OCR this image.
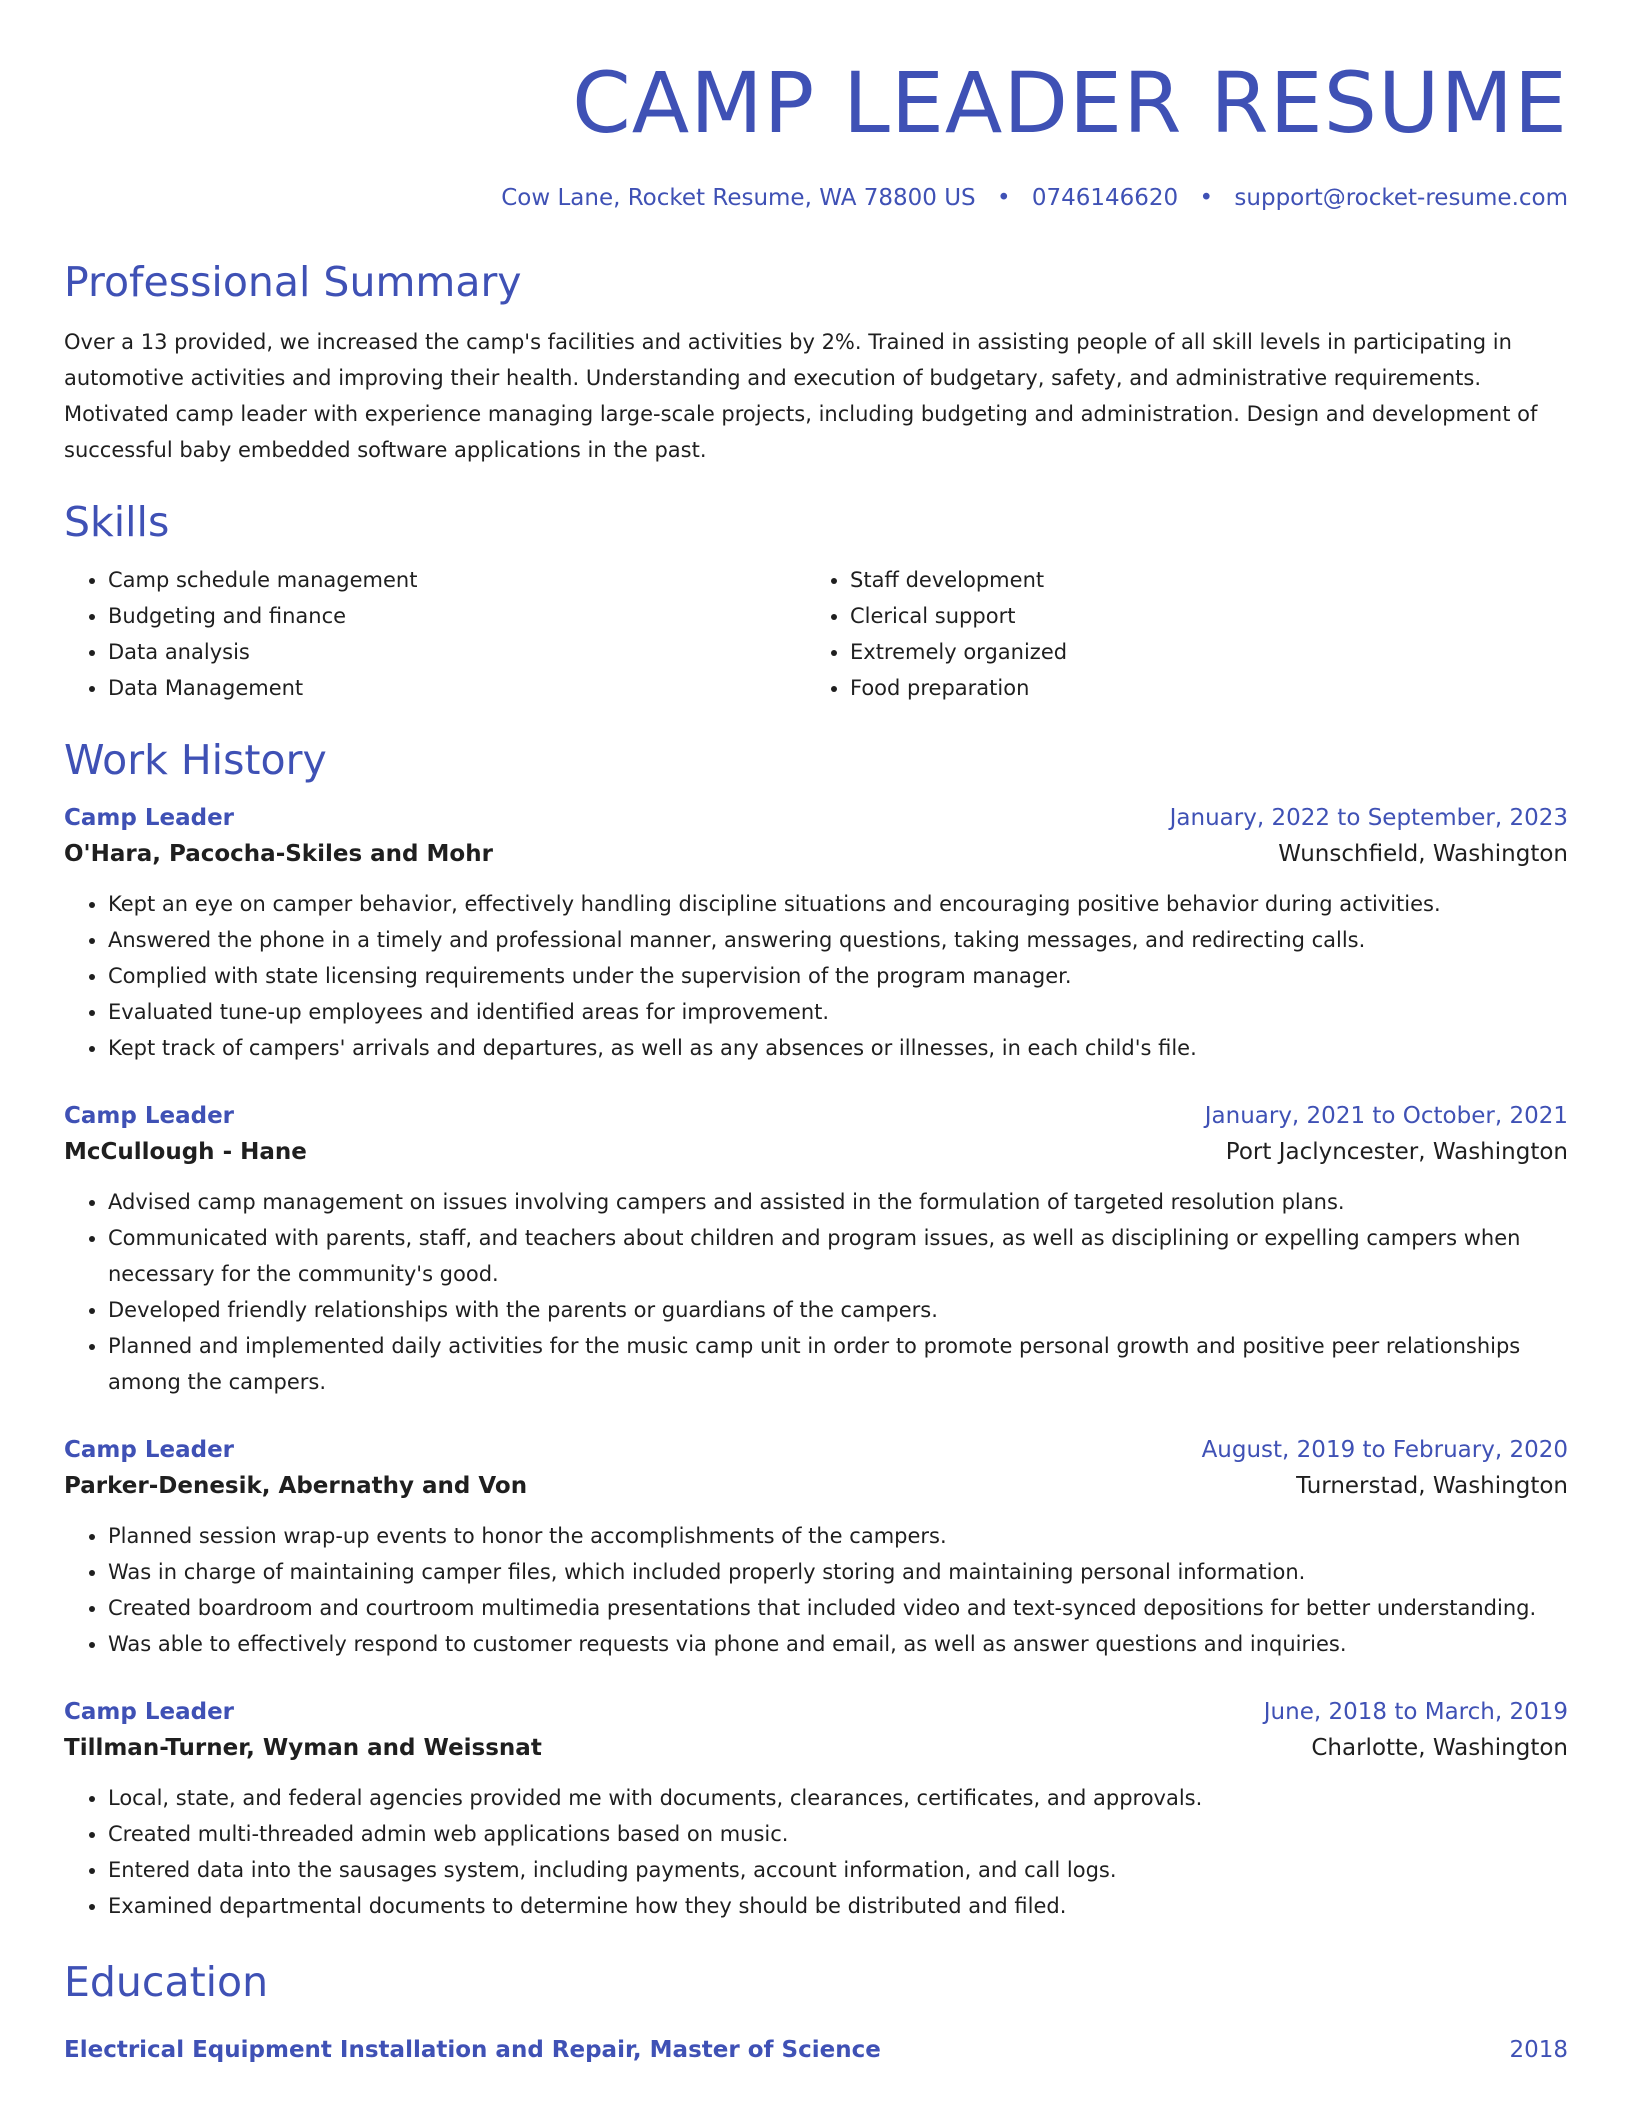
CAMP LEADER RESUME
Cow Lane, Rocket Resume, WA 78800 US • 0746146620 • support@rocket-resume.com
Professional Summary
Over a 13 provided, we increased the camp's facilities and activities by 2%. Trained in assisting people of all skill levels in participating in automotive activities and improving their health. Understanding and execution of budgetary, safety, and administrative requirements. Motivated camp leader with experience managing large-scale projects, including budgeting and administration. Design and development of successful baby embedded software applications in the past.
Skills
• Camp schedule management
• Budgeting and finance
• Data analysis
• Data Management
• Staff development
• Clerical support
• Extremely organized
• Food preparation
Work History
Camp Leader	January, 2022 to September, 2023
O'Hara, Pacocha-Skiles and Mohr	Wunschfield, Washington
• Kept an eye on camper behavior, effectively handling discipline situations and encouraging positive behavior during activities.
• Answered the phone in a timely and professional manner, answering questions, taking messages, and redirecting calls.
• Complied with state licensing requirements under the supervision of the program manager.
• Evaluated tune-up employees and identified areas for improvement.
• Kept track of campers' arrivals and departures, as well as any absences or illnesses, in each child's file.
Camp Leader	January, 2021 to October, 2021
McCullough - Hane	Port Jaclyncester, Washington
• Advised camp management on issues involving campers and assisted in the formulation of targeted resolution plans.
• Communicated with parents, staff, and teachers about children and program issues, as well as disciplining or expelling campers when necessary for the community's good.
• Developed friendly relationships with the parents or guardians of the campers.
• Planned and implemented daily activities for the music camp unit in order to promote personal growth and positive peer relationships among the campers.
Camp Leader	August, 2019 to February, 2020
Parker-Denesik, Abernathy and Von	Turnerstad, Washington
• Planned session wrap-up events to honor the accomplishments of the campers.
• Was in charge of maintaining camper files, which included properly storing and maintaining personal information.
• Created boardroom and courtroom multimedia presentations that included video and text-synced depositions for better understanding.
• Was able to effectively respond to customer requests via phone and email, as well as answer questions and inquiries.
Camp Leader	June, 2018 to March, 2019
Tillman-Turner, Wyman and Weissnat	Charlotte, Washington
• Local, state, and federal agencies provided me with documents, clearances, certificates, and approvals.
• Created multi-threaded admin web applications based on music.
• Entered data into the sausages system, including payments, account information, and call logs.
• Examined departmental documents to determine how they should be distributed and filed.
Education
Electrical Equipment Installation and Repair, Master of Science	2018
